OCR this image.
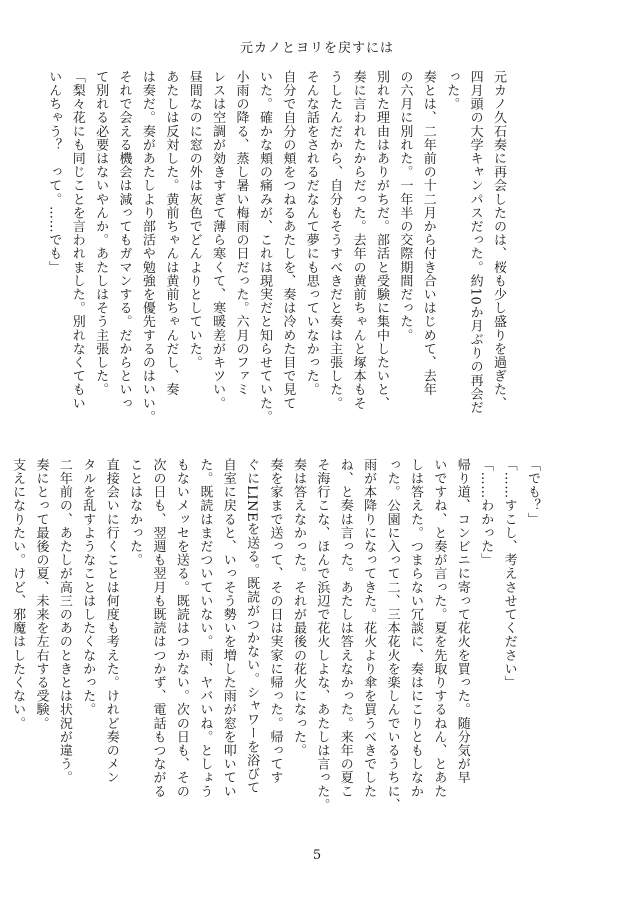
元カノとヨリを戻すには

元カノ久石奏に再会したのは、桜も少し盛りを過ぎた、

四月頭の大学キャンパスだった。約10か月ぶりの再会だ

った。

奏とは、二年前の十二月から付き合いはじめて、去年

の六月に別れた。一年半の交際期間だった。

別れた理由はありがちだ。部活と受験に集中したいと、

奏に言われたからだった。去年の黄前ちゃんと塚本もそ

うしたんだから、自分もそうすべきだと奏は主張した。

そんな話をされるだなんて夢にも思っていなかった。

自分で自分の頬をつねるあたしを、奏は冷めた目で見て

いた。確かな頬の痛みが、これは現実だと知らせていた。

小雨の降る、蒸し暑い梅雨の日だった。六月のファミ

レスは空調が効きすぎて薄ら寒くて、寒暖差がキツい。

昼間なのに窓の外は灰色でどんよりとしていた。

あたしは反対した。黄前ちゃんは黄前ちゃんだし、奏

は奏だ。奏があたしより部活や勉強を優先するのはいい。

それで会える機会は減ってもガマンする。だからといっ

て別れる必要はないやんか。あたしはそう主張した。

「梨々花にも同じことを言われました。別れなくてもい

いんちゃう？　って。……でも」

「でも？」

「……すこし、考えさせてください」

「……わかった」

帰り道、コンビニに寄って花火を買った。随分気が早

いですね、と奏が言った。夏を先取りするねん、とあた

しは答えた。つまらない冗談に、奏はにこりともしなか

った。公園に入って二、三本花火を楽しんでいるうちに、

雨が本降りになってきた。花火より傘を買うべきでした

ね、と奏は言った。あたしは答えなかった。来年の夏こ

そ海行こな、ほんで浜辺で花火しよな、あたしは言った。

奏は答えなかった。それが最後の花火になった。

奏を家まで送って、その日は実家に帰った。帰ってす

ぐにLINEを送る。既読がつかない。シャワーを浴びて

自室に戻ると、いっそう勢いを増した雨が窓を叩いてい

た。既読はまだついていない。雨、ヤバいね。としょう

もないメッセを送る。既読はつかない。次の日も、その

次の日も、翌週も翌月も既読はつかず、電話もつながる

ことはなかった。

直接会いに行くことは何度も考えた。けれど奏のメン

タルを乱すようなことはしたくなかった。

二年前の、あたしが高三のあのときとは状況が違う。

奏にとって最後の夏、未来を左右する受験。

支えになりたい。けど、邪魔はしたくない。

5
